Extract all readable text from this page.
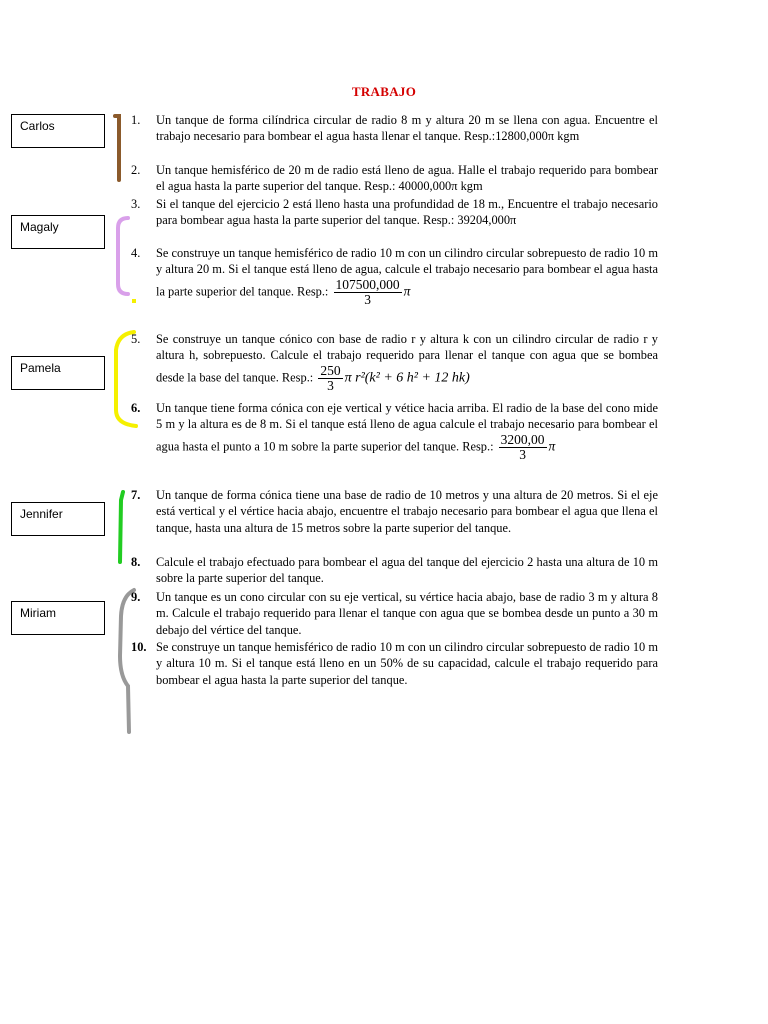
TRABAJO
Carlos
Magaly
Pamela
Jennifer
Miriam
1.	Un tanque de forma cilíndrica circular de radio 8 m y altura 20 m se llena con agua. Encuentre el trabajo necesario para bombear el agua hasta llenar el tanque. Resp.:12800,000π kgm
2.	Un tanque hemisférico de 20 m de radio está lleno de agua. Halle el trabajo requerido para bombear el agua hasta la parte superior del tanque. Resp.: 40000,000π kgm
3.	Si el tanque del ejercicio 2 está lleno hasta una profundidad de 18 m., Encuentre el trabajo necesario para bombear agua hasta la parte superior del tanque. Resp.: 39204,000π
4.	Se construye un tanque hemisférico de radio 10 m con un cilindro circular sobrepuesto de radio 10 m y altura 20 m. Si el tanque está lleno de agua, calcule el trabajo necesario para bombear el agua hasta la parte superior del tanque. Resp.: $\frac{107500,000}{3}$ π
5.	Se construye un tanque cónico con base de radio r y altura k con un cilindro circular de radio r y altura h, sobrepuesto. Calcule el trabajo requerido para llenar el tanque con agua que se bombea desde la base del tanque. Resp.: $\frac{250}{3}$ π r²(k² + 6 h² + 12 hk)
6.	Un tanque tiene forma cónica con eje vertical y vétice hacia arriba. El radio de la base del cono mide 5 m y la altura es de 8 m. Si el tanque está lleno de agua calcule el trabajo necesario para bombear el agua hasta el punto a 10 m sobre la parte superior del tanque. Resp.: $\frac{3200,00}{3}$ π
7.	Un tanque de forma cónica tiene una base de radio de 10 metros y una altura de 20 metros. Si el eje está vertical y el vértice hacia abajo, encuentre el trabajo necesario para bombear el agua que llena el tanque, hasta una altura de 15 metros sobre la parte superior del tanque.
8.	Calcule el trabajo efectuado para bombear el agua del tanque del ejercicio 2 hasta una altura de 10 m sobre la parte superior del tanque.
9.	Un tanque es un cono circular con su eje vertical, su vértice hacia abajo, base de radio 3 m y altura 8 m. Calcule el trabajo requerido para llenar el tanque con agua que se bombea desde un punto a 30 m debajo del vértice del tanque.
10. Se construye un tanque hemisférico de radio 10 m con un cilindro circular sobrepuesto de radio 10 m y altura 10 m. Si el tanque está lleno en un 50% de su capacidad, calcule el trabajo requerido para bombear el agua hasta la parte superior del tanque.
